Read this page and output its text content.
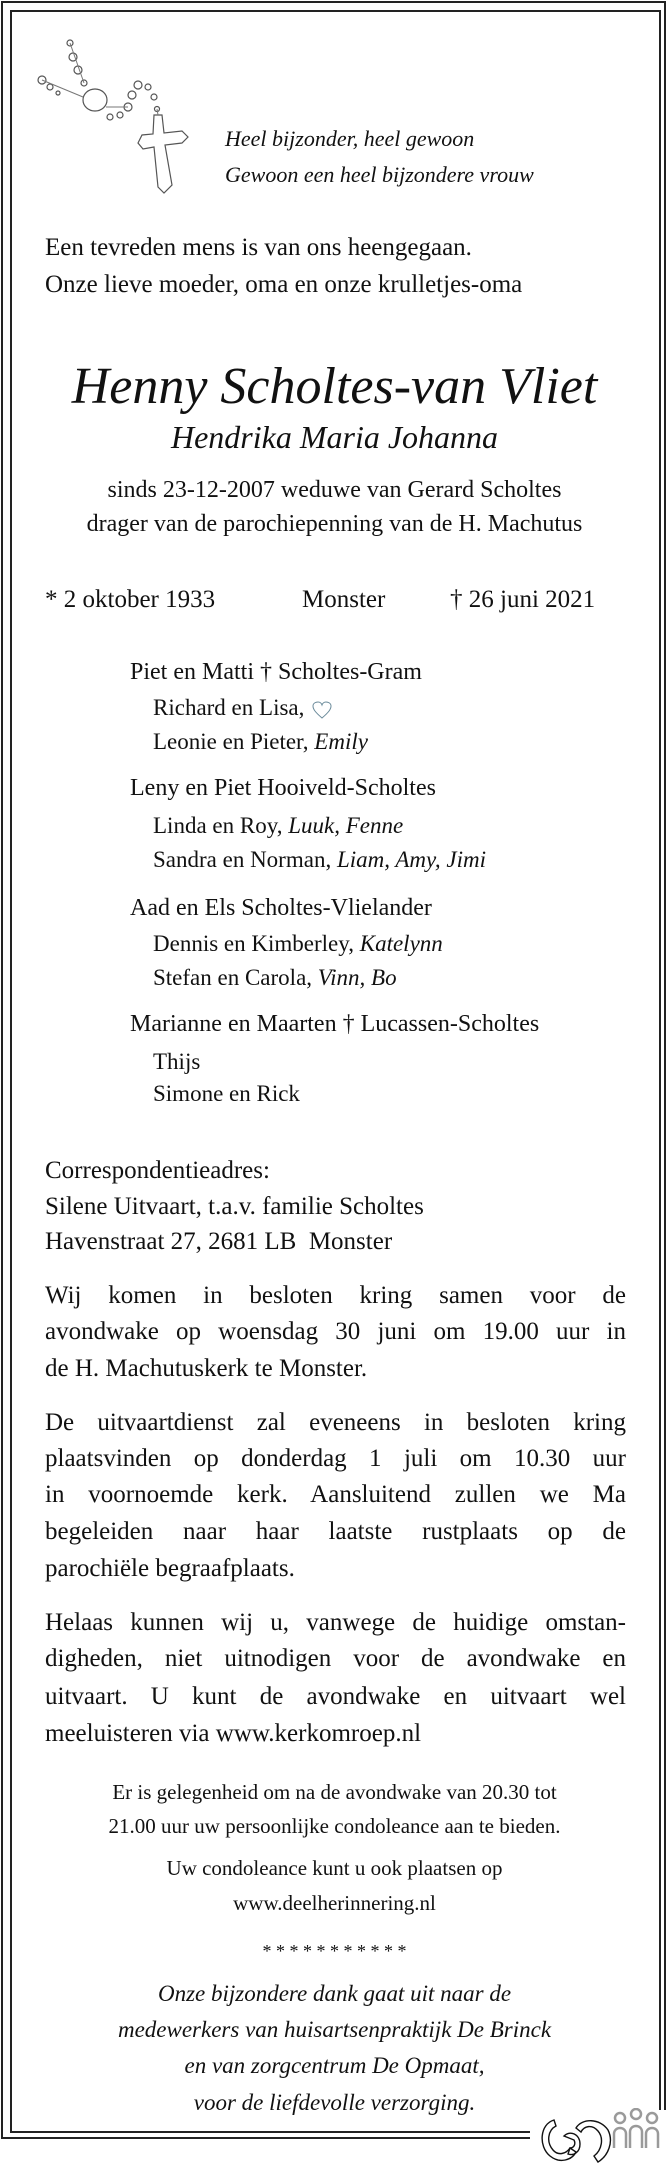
Heel bijzonder, heel gewoon
Gewoon een heel bijzondere vrouw
Een tevreden mens is van ons heengegaan.
Onze lieve moeder, oma en onze krulletjes-oma
Henny Scholtes-van Vliet
Hendrika Maria Johanna
sinds 23-12-2007 weduwe van Gerard Scholtes
drager van de parochiepenning van de H. Machutus
* 2 oktober 1933	Monster	† 26 juni 2021
Piet en Matti † Scholtes-Gram
Richard en Lisa,
Leonie en Pieter, Emily
Leny en Piet Hooiveld-Scholtes
Linda en Roy, Luuk, Fenne
Sandra en Norman, Liam, Amy, Jimi
Aad en Els Scholtes-Vlielander
Dennis en Kimberley, Katelynn
Stefan en Carola, Vinn, Bo
Marianne en Maarten † Lucassen-Scholtes
Thijs
Simone en Rick
Correspondentieadres:
Silene Uitvaart, t.a.v. familie Scholtes
Havenstraat 27, 2681 LB  Monster
Wij komen in besloten kring samen voor de
avondwake op woensdag 30 juni om 19.00 uur in
de H. Machutuskerk te Monster.
De uitvaartdienst zal eveneens in besloten kring
plaatsvinden op donderdag 1 juli om 10.30 uur
in voornoemde kerk. Aansluitend zullen we Ma
begeleiden naar haar laatste rustplaats op de
parochiële begraafplaats.
Helaas kunnen wij u, vanwege de huidige omstan-
digheden, niet uitnodigen voor de avondwake en
uitvaart. U kunt de avondwake en uitvaart wel
meeluisteren via www.kerkomroep.nl
Er is gelegenheid om na de avondwake van 20.30 tot
21.00 uur uw persoonlijke condoleance aan te bieden.
Uw condoleance kunt u ook plaatsen op
www.deelherinnering.nl
* * * * * * * * * * *
Onze bijzondere dank gaat uit naar de
medewerkers van huisartsenpraktijk De Brinck
en van zorgcentrum De Opmaat,
voor de liefdevolle verzorging.
